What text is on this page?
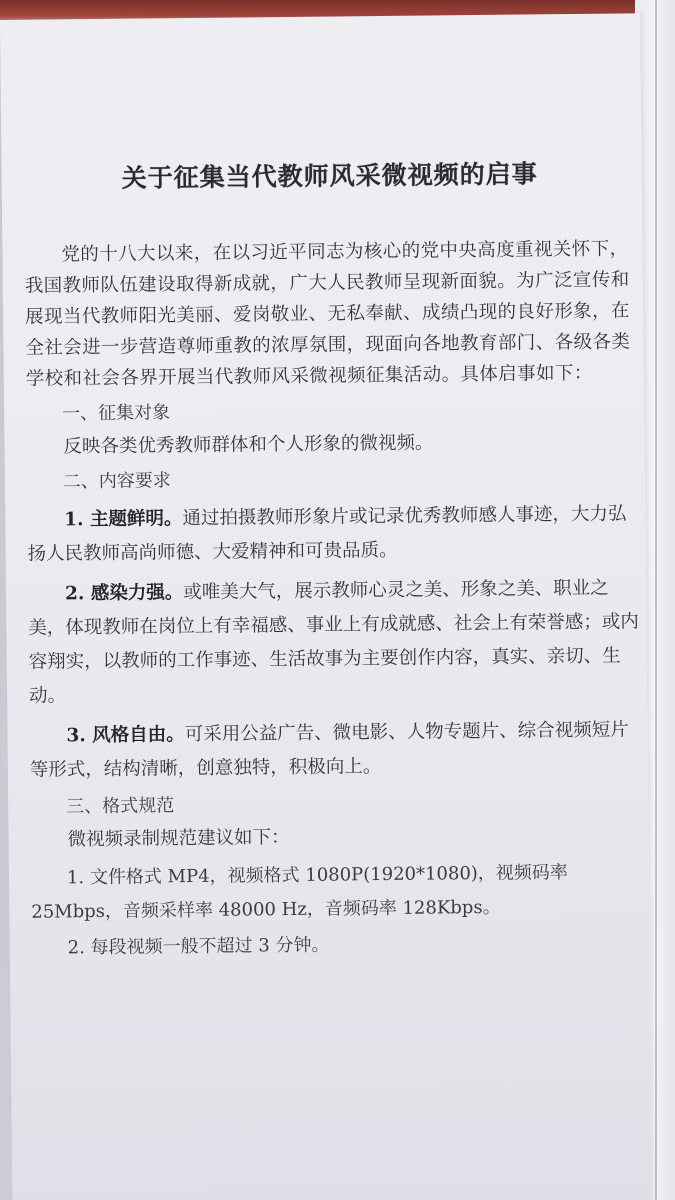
关于征集当代教师风采微视频的启事

党的十八大以来，在以习近平同志为核心的党中央高度重视关怀下，我国教师队伍建设取得新成就，广大人民教师呈现新面貌。为广泛宣传和展现当代教师阳光美丽、爱岗敬业、无私奉献、成绩凸现的良好形象，在全社会进一步营造尊师重教的浓厚氛围，现面向各地教育部门、各级各类学校和社会各界开展当代教师风采微视频征集活动。具体启事如下：

一、征集对象

反映各类优秀教师群体和个人形象的微视频。

二、内容要求

1. 主题鲜明。通过拍摄教师形象片或记录优秀教师感人事迹，大力弘扬人民教师高尚师德、大爱精神和可贵品质。

2. 感染力强。或唯美大气，展示教师心灵之美、形象之美、职业之美，体现教师在岗位上有幸福感、事业上有成就感、社会上有荣誉感；或内容翔实，以教师的工作事迹、生活故事为主要创作内容，真实、亲切、生动。

3. 风格自由。可采用公益广告、微电影、人物专题片、综合视频短片等形式，结构清晰，创意独特，积极向上。

三、格式规范

微视频录制规范建议如下：

1. 文件格式 MP4，视频格式 1080P(1920*1080)，视频码率25Mbps，音频采样率 48000 Hz，音频码率 128Kbps。

2. 每段视频一般不超过 3 分钟。
